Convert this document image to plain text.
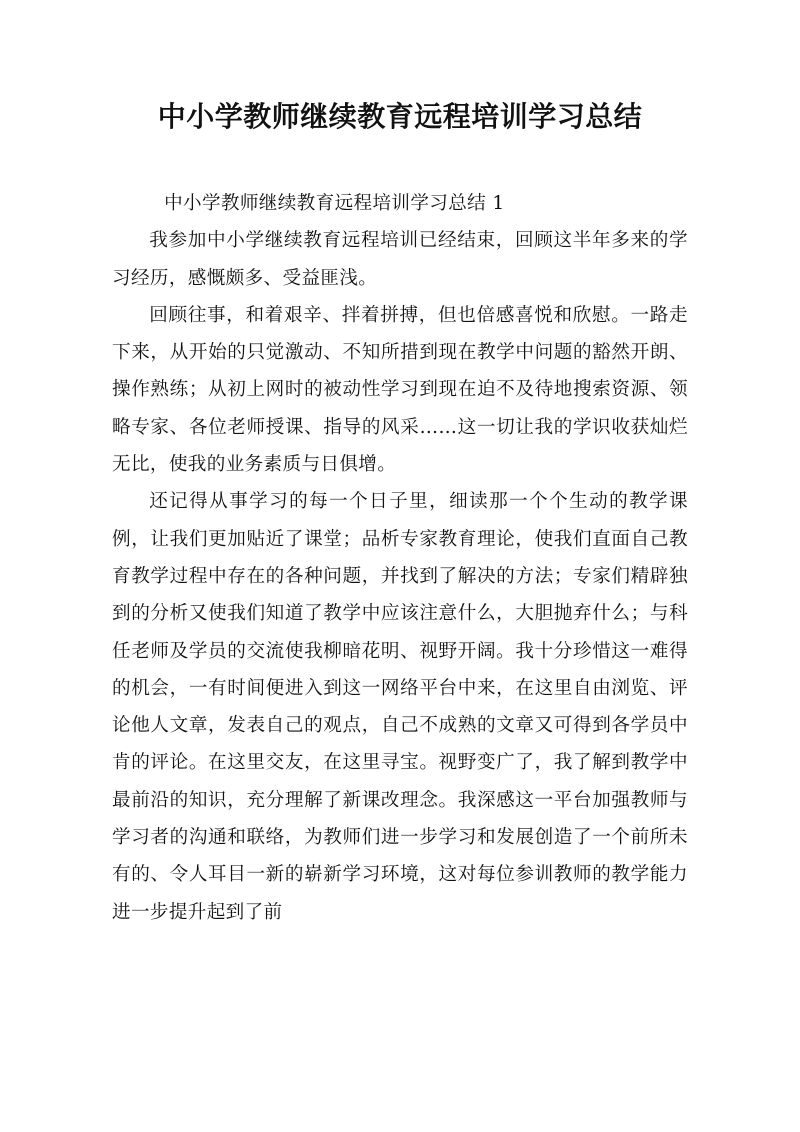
中小学教师继续教育远程培训学习总结

中小学教师继续教育远程培训学习总结 1

我参加中小学继续教育远程培训已经结束，回顾这半年多来的学习经历，感慨颇多、受益匪浅。

回顾往事，和着艰辛、拌着拼搏，但也倍感喜悦和欣慰。一路走下来，从开始的只觉激动、不知所措到现在教学中问题的豁然开朗、操作熟练；从初上网时的被动性学习到现在迫不及待地搜索资源、领略专家、各位老师授课、指导的风采……这一切让我的学识收获灿烂无比，使我的业务素质与日俱增。

还记得从事学习的每一个日子里，细读那一个个生动的教学课例，让我们更加贴近了课堂；品析专家教育理论，使我们直面自己教育教学过程中存在的各种问题，并找到了解决的方法；专家们精辟独到的分析又使我们知道了教学中应该注意什么，大胆抛弃什么；与科任老师及学员的交流使我柳暗花明、视野开阔。我十分珍惜这一难得的机会，一有时间便进入到这一网络平台中来，在这里自由浏览、评论他人文章，发表自己的观点，自己不成熟的文章又可得到各学员中肯的评论。在这里交友，在这里寻宝。视野变广了，我了解到教学中最前沿的知识，充分理解了新课改理念。我深感这一平台加强教师与学习者的沟通和联络，为教师们进一步学习和发展创造了一个前所未有的、令人耳目一新的崭新学习环境，这对每位参训教师的教学能力进一步提升起到了前
